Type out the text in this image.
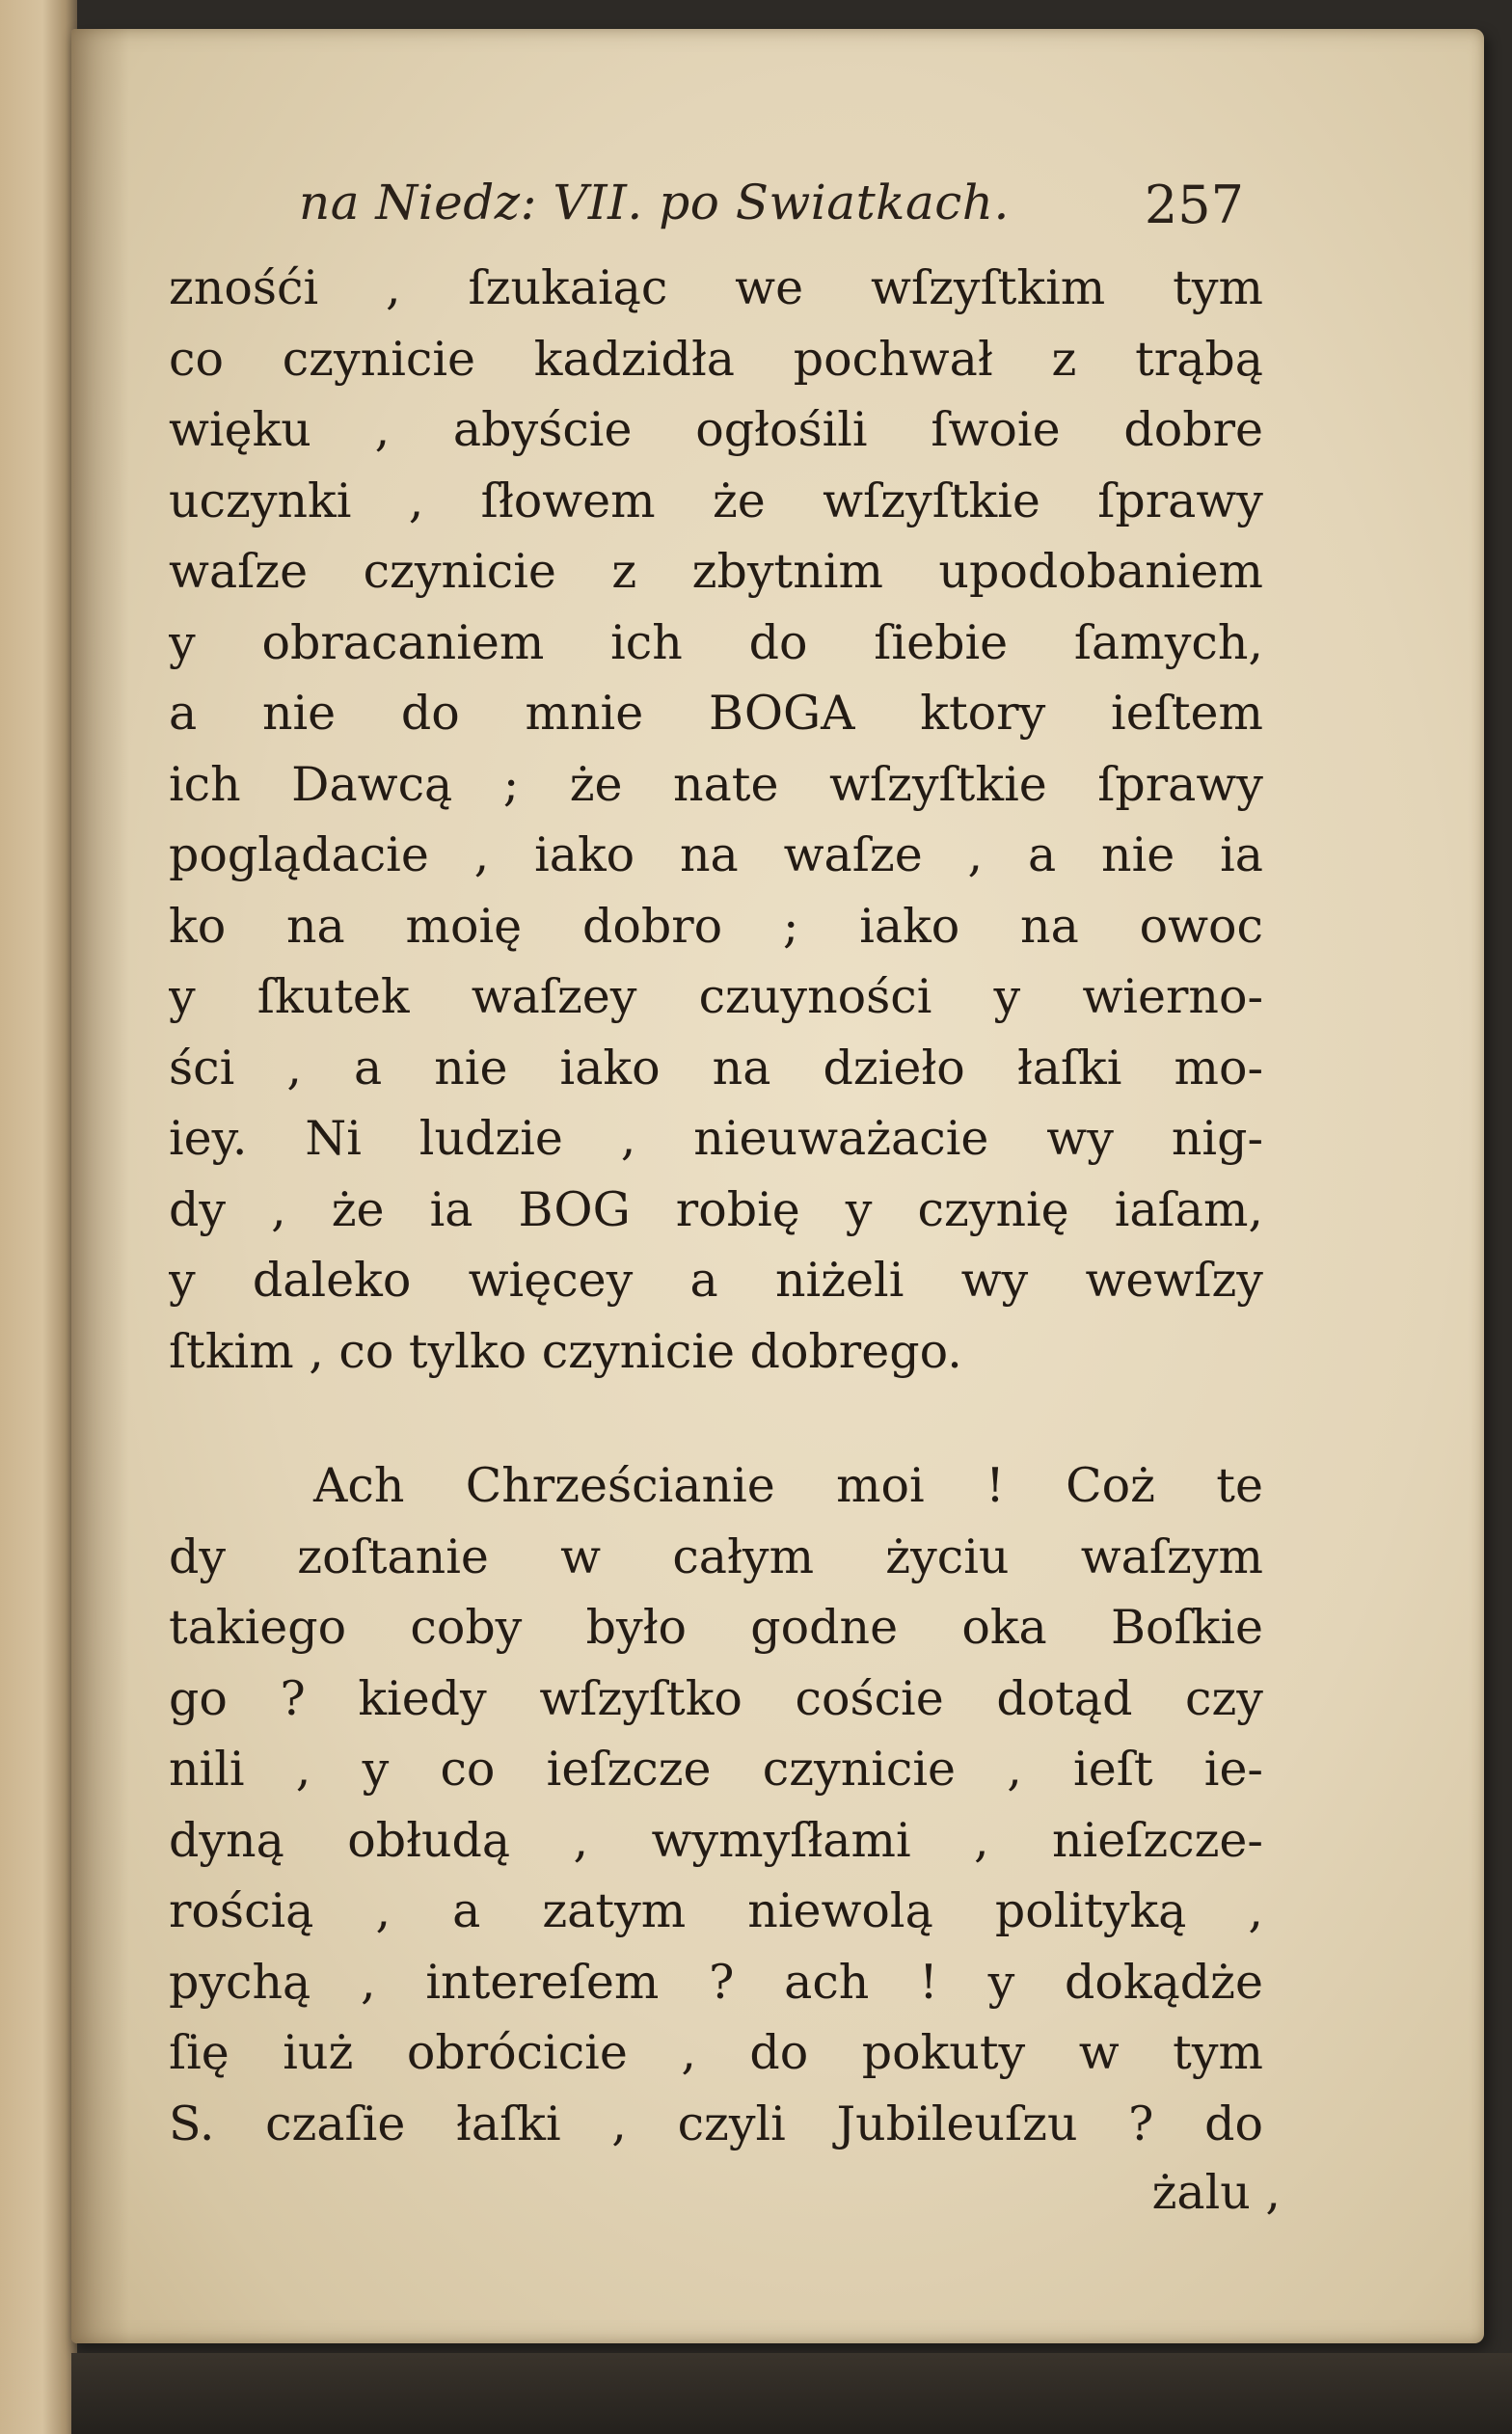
na Niedz: VII. po Swiatkach.	257
znośći , ſzukaiąc we wſzyſtkim tym
co czynicie kadzidła pochwał z trąbą
więku , abyście ogłośili ſwoie dobre
uczynki , ſłowem że wſzyſtkie ſprawy
waſze czynicie z zbytnim upodobaniem
y obracaniem ich do ſiebie ſamych,
a nie do mnie BOGA ktory ieſtem
ich Dawcą ; że nate wſzyſtkie ſprawy
poglądacie , iako na waſze , a nie ia
ko na moię dobro ; iako na owoc
y ſkutek waſzey czuyności y wierno-
ści , a nie iako na dzieło łaſki mo-
iey. Ni ludzie , nieuważacie wy nig-
dy , że ia BOG robię y czynię iaſam,
y daleko więcey a niżeli wy wewſzy
ſtkim , co tylko czynicie dobrego.
Ach Chrześcianie moi ! Coż te
dy zoſtanie w całym życiu waſzym
takiego coby było godne oka Boſkie
go ? kiedy wſzyſtko coście dotąd czy
nili , y co ieſzcze czynicie , ieſt ie-
dyną obłudą , wymyſłami , nieſzcze-
rością , a zatym niewolą polityką ,
pychą , intereſem ? ach ! y dokądże
ſię iuż obrócicie , do pokuty w tym
S. czaſie łaſki , czyli Jubileuſzu ? do
żalu ,
